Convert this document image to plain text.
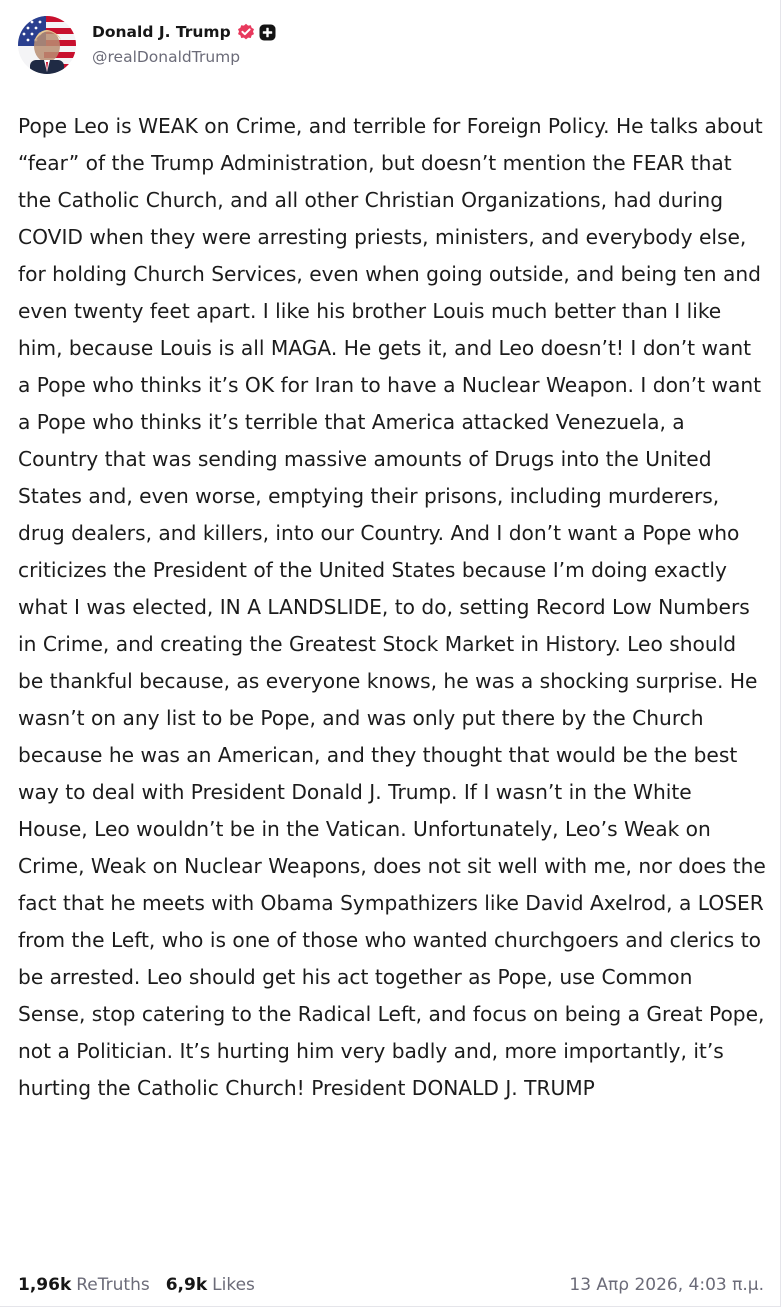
Donald J. Trump
@realDonaldTrump

Pope Leo is WEAK on Crime, and terrible for Foreign Policy. He talks about “fear” of the Trump Administration, but doesn’t mention the FEAR that the Catholic Church, and all other Christian Organizations, had during COVID when they were arresting priests, ministers, and everybody else, for holding Church Services, even when going outside, and being ten and even twenty feet apart. I like his brother Louis much better than I like him, because Louis is all MAGA. He gets it, and Leo doesn’t! I don’t want a Pope who thinks it’s OK for Iran to have a Nuclear Weapon. I don’t want a Pope who thinks it’s terrible that America attacked Venezuela, a Country that was sending massive amounts of Drugs into the United States and, even worse, emptying their prisons, including murderers, drug dealers, and killers, into our Country. And I don’t want a Pope who criticizes the President of the United States because I’m doing exactly what I was elected, IN A LANDSLIDE, to do, setting Record Low Numbers in Crime, and creating the Greatest Stock Market in History. Leo should be thankful because, as everyone knows, he was a shocking surprise. He wasn’t on any list to be Pope, and was only put there by the Church because he was an American, and they thought that would be the best way to deal with President Donald J. Trump. If I wasn’t in the White House, Leo wouldn’t be in the Vatican. Unfortunately, Leo’s Weak on Crime, Weak on Nuclear Weapons, does not sit well with me, nor does the fact that he meets with Obama Sympathizers like David Axelrod, a LOSER from the Left, who is one of those who wanted churchgoers and clerics to be arrested. Leo should get his act together as Pope, use Common Sense, stop catering to the Radical Left, and focus on being a Great Pope, not a Politician. It’s hurting him very badly and, more importantly, it’s hurting the Catholic Church! President DONALD J. TRUMP

1,96k ReTruths 6,9k Likes	13 Απρ 2026, 4:03 π.μ.
